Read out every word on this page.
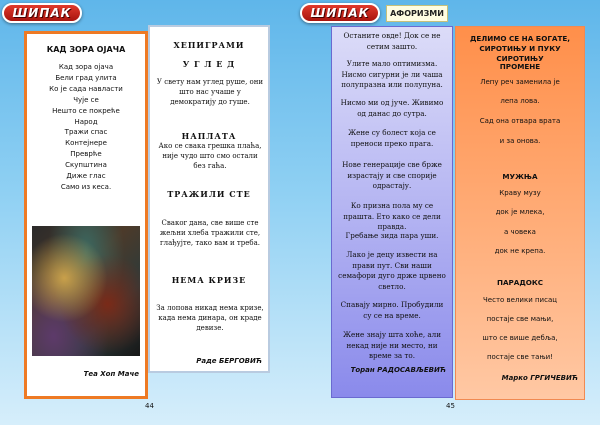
ШИПАК	ШИПАК	АФОРИЗМИ
КАД ЗОРА ОЈАЧА
Кад зора ојача
Бели град улита
Ко је сада навласти
Чује се
Нешто се покреће
Народ
Тражи спас
Контејнере
Преврће
Скупштина
Диже глас
Само из кеса.
Теа Хоп Маче
ХЕПИГРАМИ
У Г Л Е Д
У свету нам углед руше, они што нас учаше у демократију до гуше.
НАПЛАТА
Ако се свака грешка плаћа, није чудо што смо остали без гаћа.
ТРАЖИЛИ СТЕ
Свакоr дана, све више сте жељни хлеба тражили сте, глађујте, тако вам и треба.
НЕМА КРИЗЕ
За лопова никад нема кризе, када нема динара, он краде девизе.
Раде БЕРГОВИЋ
Останите овде! Док се не сетим зашто.
Улите мало оптимизма. Нисмо сигурни је ли чаша полупразна или полупуна.
Нисмо ми од јуче. Живимо од данас до сутра.
Жене су болест која се преноси преко прага.
Нове генерације све брже израстају и све спорије одрастају.
Ко призна пола му се прашта. Ето како се дели правда.
Гребање зида пара уши.
Лако је децу извести на прави пут. Сви наши семафори дуго држе црвено светло.
Спавају мирно. Пробудили су се на време.
Жене знају шта хоће, али некад није ни место, ни време за то.
Торан РАДОСАВЉЕВИЋ
ДЕЛИМО СЕ НА БОГАТЕ, СИРОТИЊУ И ПУКУ СИРОТИЊУ
ПРОМЕНЕ
Лепу реч заменила је
лепа лова.
Сад она отвара врата
и за онова.
МУЖЊА
Краву музу
док је млека,
а човека
док не крепа.
ПАРАДОКС
Често велики писац
постаје све мањи,
што се више дебља,
постаје све тањи!
Марко ГРГИЧЕВИЋ
44	45
